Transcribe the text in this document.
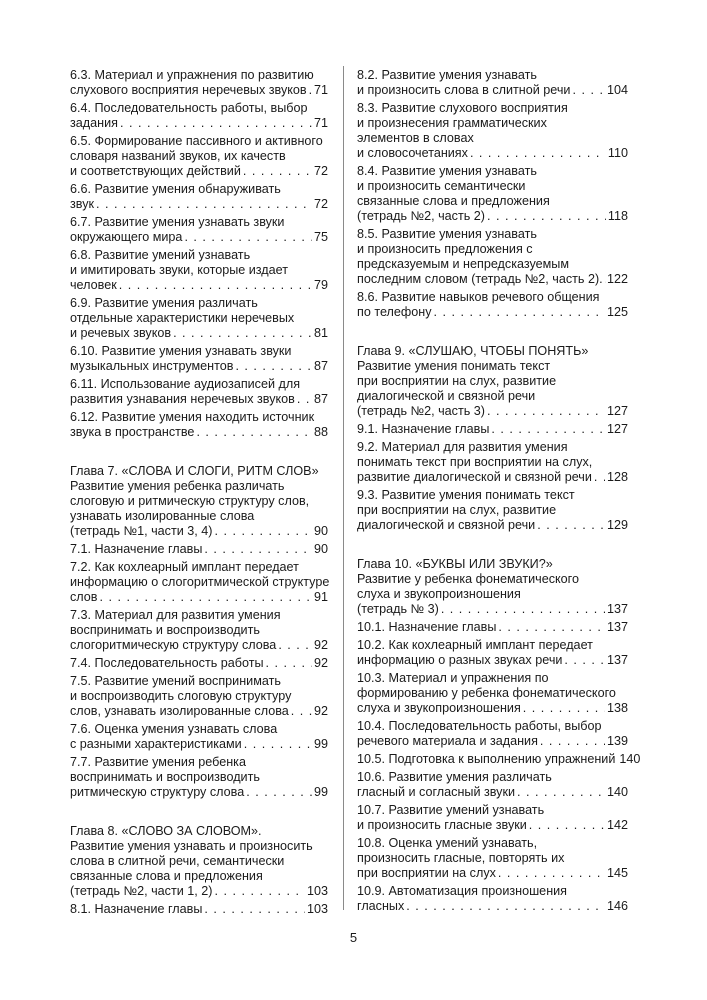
6.3. Материал и упражнения по развитию
слухового восприятия неречевых звуков . . . 71
6.4. Последовательность работы, выбор
задания . . .	71
6.5. Формирование пассивного и активного
словаря названий звуков, их качеств
и соответствующих действий . . .	72
6.6. Развитие умения обнаруживать
звук . . .	72
6.7. Развитие умения узнавать звуки
окружающего мира . . .	75
6.8. Развитие умений узнавать
и имитировать звуки, которые издает
человек . . .	79
6.9. Развитие умения различать
отдельные характеристики неречевых
и речевых звуков . . .	81
6.10. Развитие умения узнавать звуки
музыкальных инструментов . . .	87
6.11. Использование аудиозаписей для
развития узнавания неречевых звуков . . . 87
6.12. Развитие умения находить источник
звука в пространстве . . .	88
Глава 7. «СЛОВА И СЛОГИ, РИТМ СЛОВ»
Развитие умения ребенка различать
слоговую и ритмическую структуру слов,
узнавать изолированные слова
(тетрадь №1, части 3, 4) . . .	90
7.1. Назначение главы . . .	90
7.2. Как кохлеарный имплант передает
информацию о слогоритмической структуре
слов . . .	91
7.3. Материал для развития умения
воспринимать и воспроизводить
слогоритмическую структуру слова . . .	92
7.4. Последовательность работы . . .	92
7.5. Развитие умений воспринимать
и воспроизводить слоговую структуру
слов, узнавать изолированные слова . . . 92
7.6. Оценка умения узнавать слова
с разными характеристиками . . .	99
7.7. Развитие умения ребенка
воспринимать и воспроизводить
ритмическую структуру слова . . .	99
Глава 8. «СЛОВО ЗА СЛОВОМ».
Развитие умения узнавать и произносить
слова в слитной речи, семантически
связанные слова и предложения
(тетрадь №2, части 1, 2) . . .	103
8.1. Назначение главы . . .	103
8.2. Развитие умения узнавать
и произносить слова в слитной речи . . .	104
8.3. Развитие слухового восприятия
и произнесения грамматических
элементов в словах
и словосочетаниях . . .	110
8.4. Развитие умения узнавать
и произносить семантически
связанные слова и предложения
(тетрадь №2, часть 2) . . .	118
8.5. Развитие умения узнавать
и произносить предложения с
предсказуемым и непредсказуемым
последним словом (тетрадь №2, часть 2). . . . 122
8.6. Развитие навыков речевого общения
по телефону . . .	125
Глава 9. «СЛУШАЮ, ЧТОБЫ ПОНЯТЬ»
Развитие умения понимать текст
при восприятии на слух, развитие
диалогической и связной речи
(тетрадь №2, часть 3) . . .	127
9.1. Назначение главы . . .	127
9.2. Материал для развития умения
понимать текст при восприятии на слух,
развитие диалогической и связной речи . . . 128
9.3. Развитие умения понимать текст
при восприятии на слух, развитие
диалогической и связной речи . . .	129
Глава 10. «БУКВЫ ИЛИ ЗВУКИ?»
Развитие у ребенка фонематического
слуха и звукопроизношения
(тетрадь № 3) . . .	137
10.1. Назначение главы . . .	137
10.2. Как кохлеарный имплант передает
информацию о разных звуках речи . . .	137
10.3. Материал и упражнения по
формированию у ребенка фонематического
слуха и звукопроизношения . . .	138
10.4. Последовательность работы, выбор
речевого материала и задания . . .	139
10.5. Подготовка к выполнению упражнений 140
10.6. Развитие умения различать
гласный и согласный звуки . . .	140
10.7. Развитие умений узнавать
и произносить гласные звуки . . .	142
10.8. Оценка умений узнавать,
произносить гласные, повторять их
при восприятии на слух . . .	145
10.9. Автоматизация произношения
гласных . . .	146
5
